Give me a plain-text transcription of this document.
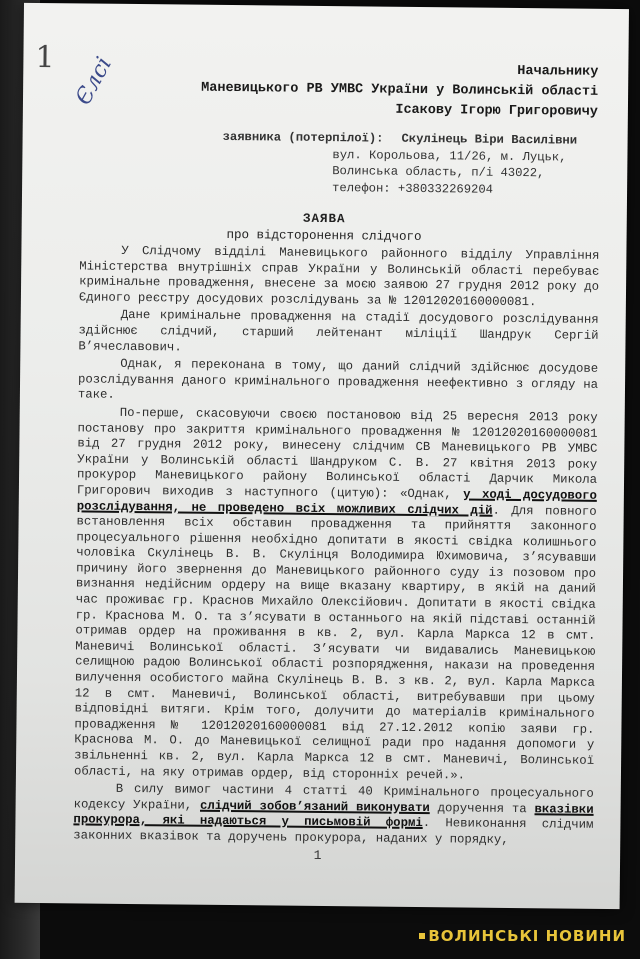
1 Єлсі	Начальнику
Маневицького РВ УМВС України у Волинській області
Ісакову Ігорю Григоровичу
заявника (потерпілої): Скулінець Віри Василівни
вул. Корольова, 11/26, м. Луцьк,
Волинська область, п/і 43022,
телефон: +380332269204
ЗАЯВА
про відсторонення слідчого

У Слідчому відділі Маневицького районного відділу Управління Міністерства внутрішніх справ України у Волинській області перебуває кримінальне провадження, внесене за моєю заявою 27 грудня 2012 року до Єдиного реєстру досудових розслідувань за № 12012020160000081.

Дане кримінальне провадження на стадії досудового розслідування здійснює слідчий, старший лейтенант міліції Шандрук Сергій В’ячеславович.

Однак, я переконана в тому, що даний слідчий здійснює досудове розслідування даного кримінального провадження неефективно з огляду на таке.

По-перше, скасовуючи своєю постановою від 25 вересня 2013 року постанову про закриття кримінального провадження № 12012020160000081 від 27 грудня 2012 року, винесену слідчим СВ Маневицького РВ УМВС України у Волинській області Шандруком С. В. 27 квітня 2013 року прокурор Маневицького району Волинської області Дарчик Микола Григорович виходив з наступного (цитую): «Однак, у ході досудового розслідування, не проведено всіх можливих слідчих дій. Для повного встановлення всіх обставин провадження та прийняття законного процесуального рішення необхідно допитати в якості свідка колишнього чоловіка Скулінець В. В. Скулінця Володимира Юхимовича, з’ясувавши причину його звернення до Маневицького районного суду із позовом про визнання недійсним ордеру на вище вказану квартиру, в якій на даний час проживає гр. Краснов Михайло Олексійович. Допитати в якості свідка гр. Краснова М. О. та з’ясувати в останнього на якій підставі останній отримав ордер на проживання в кв. 2, вул. Карла Маркса 12 в смт. Маневичі Волинської області. З’ясувати чи видавались Маневицькою селищною радою Волинської області розпорядження, накази на проведення вилучення особистого майна Скулінець В. В. з кв. 2, вул. Карла Маркса 12 в смт. Маневичі, Волинської області, витребувавши при цьому відповідні витяги. Крім того, долучити до матеріалів кримінального провадження № 12012020160000081 від 27.12.2012 копію заяви гр. Краснова М. О. до Маневицької селищної ради про надання допомоги у звільненні кв. 2, вул. Карла Маркса 12 в смт. Маневичі, Волинської області, на яку отримав ордер, від сторонніх речей.».

В силу вимог частини 4 статті 40 Кримінального процесуального кодексу України, слідчий зобов’язаний виконувати доручення та вказівки прокурора, які надаються у письмовій формі. Невиконання слідчим законних вказівок та доручень прокурора, наданих у порядку,

1
ВОЛИНСЬКІ НОВИНИ
